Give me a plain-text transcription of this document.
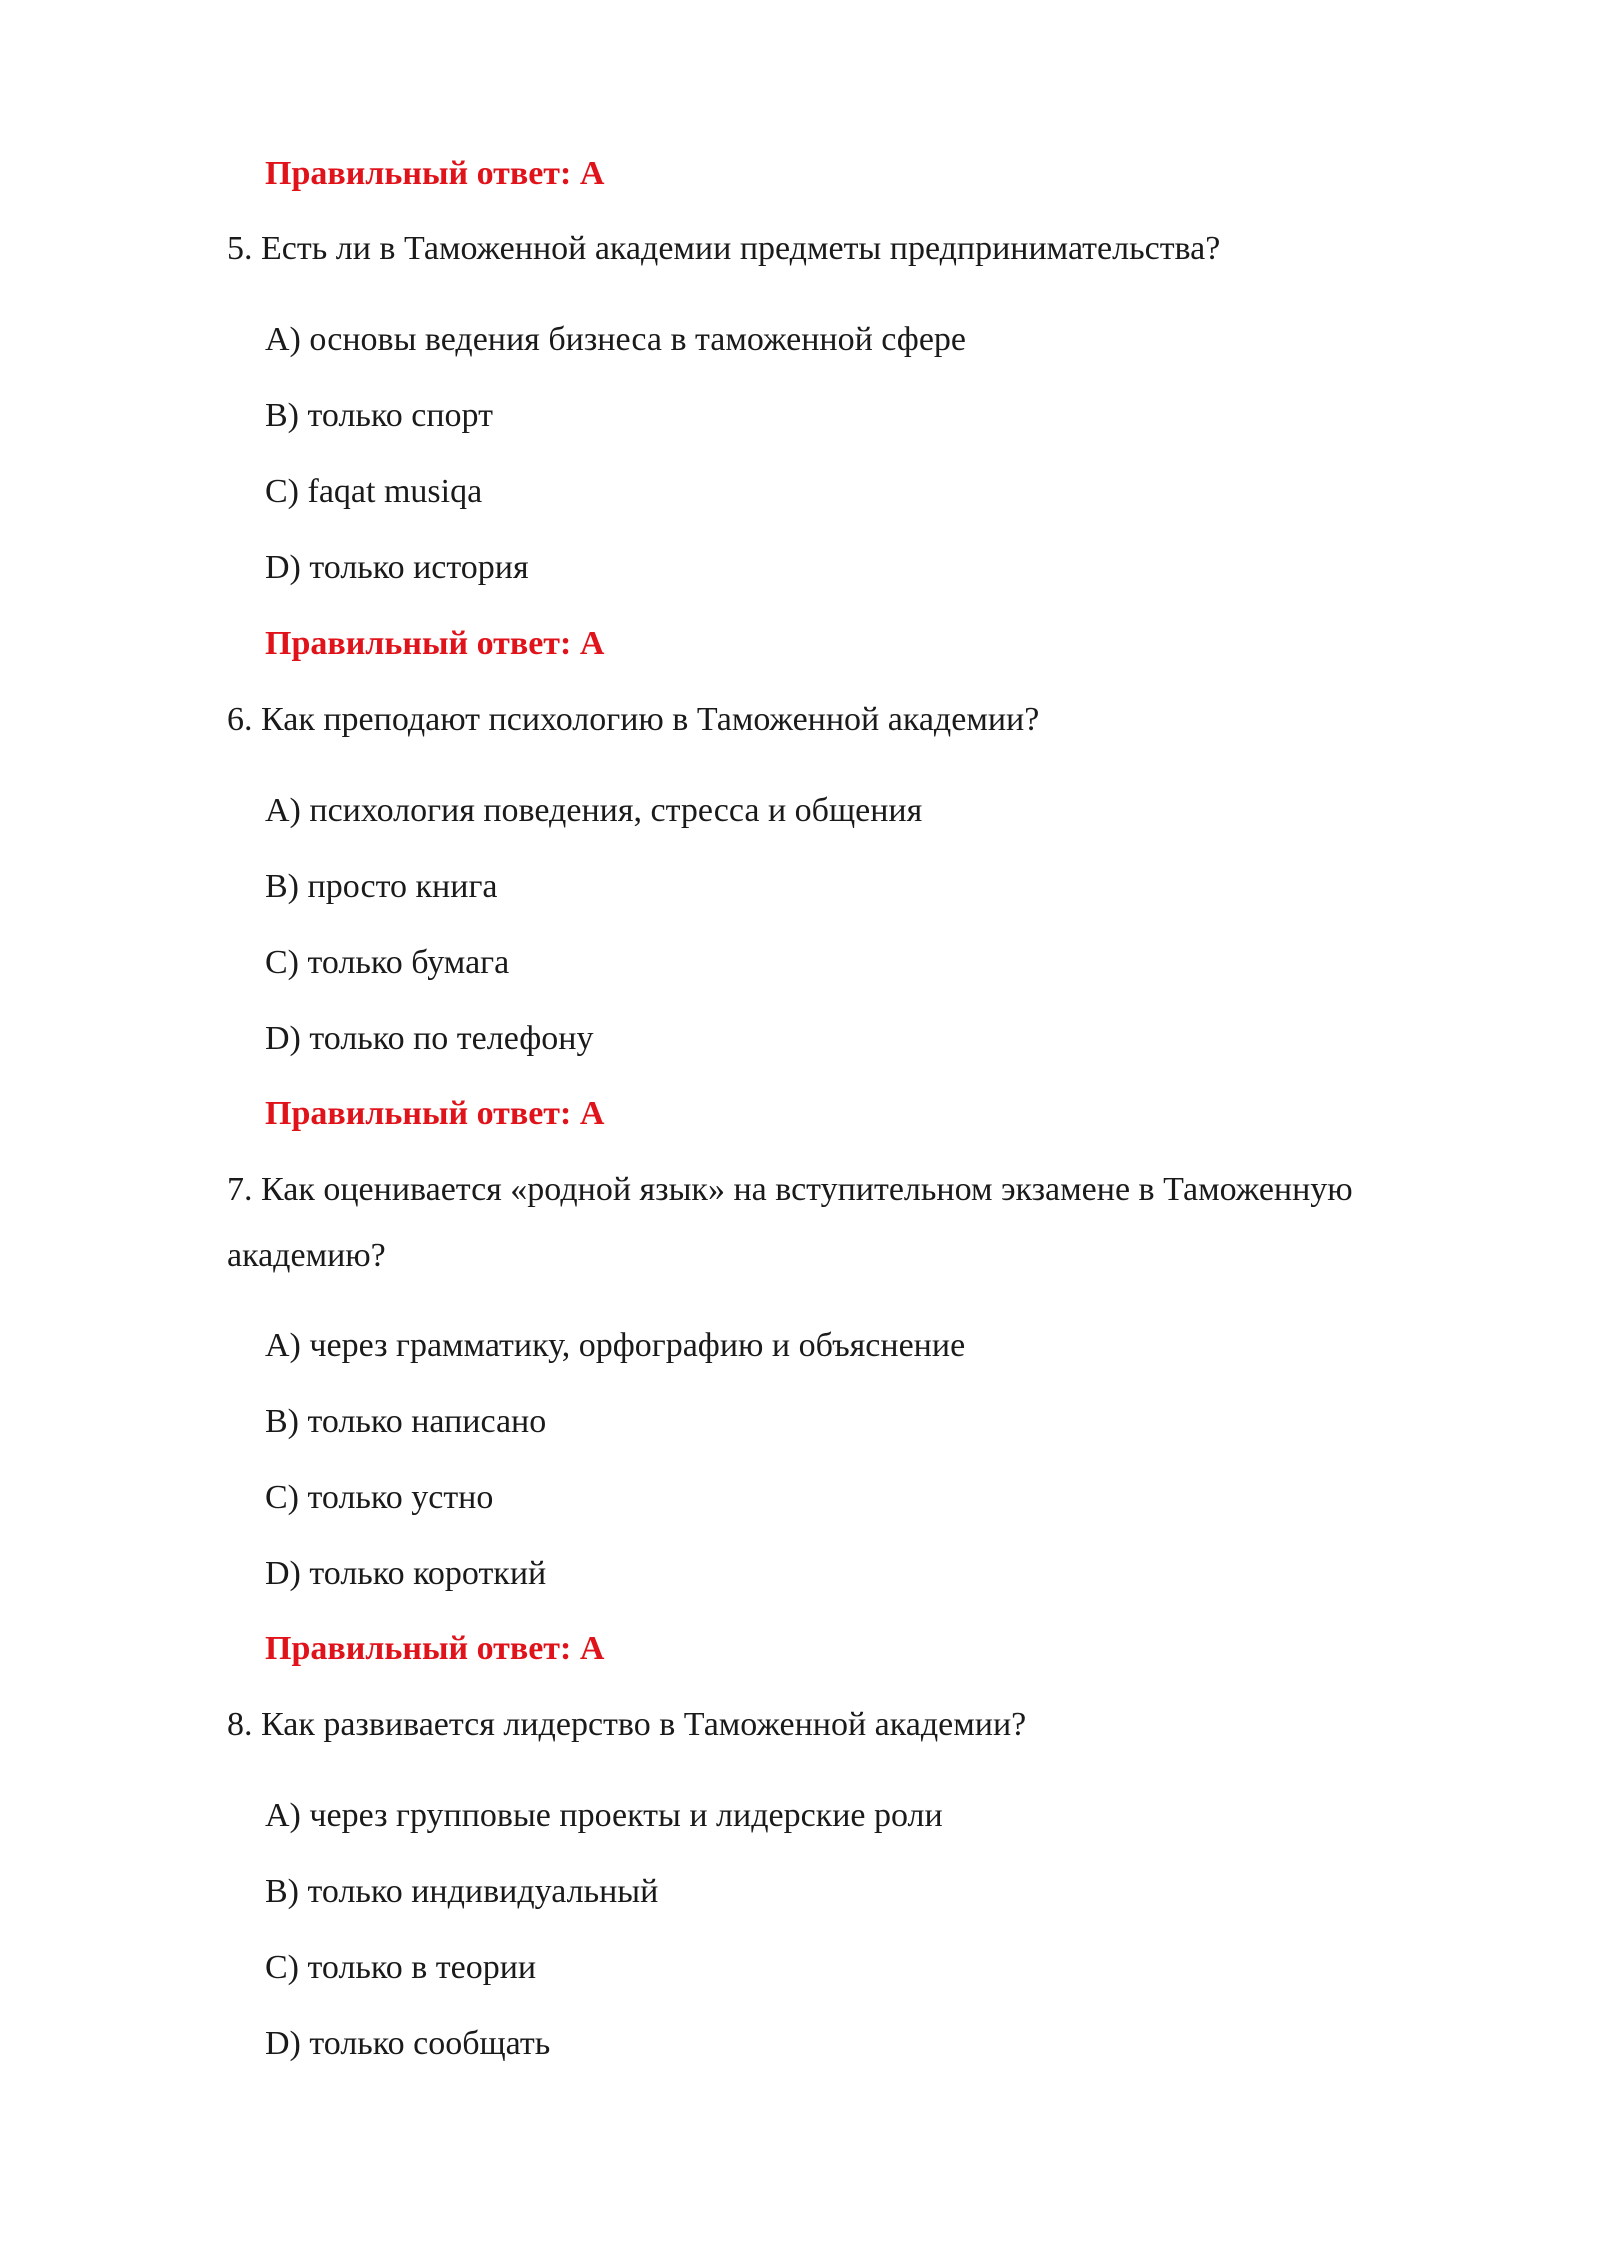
Правильный ответ: A
5. Есть ли в Таможенной академии предметы предпринимательства?
A) основы ведения бизнеса в таможенной сфере
B) только спорт
C) faqat musiqa
D) только история
Правильный ответ: A
6. Как преподают психологию в Таможенной академии?
A) психология поведения, стресса и общения
B) просто книга
C) только бумага
D) только по телефону
Правильный ответ: A
7. Как оценивается «родной язык» на вступительном экзамене в Таможенную
академию?
A) через грамматику, орфографию и объяснение
B) только написано
C) только устно
D) только короткий
Правильный ответ: A
8. Как развивается лидерство в Таможенной академии?
A) через групповые проекты и лидерские роли
B) только индивидуальный
C) только в теории
D) только сообщать
